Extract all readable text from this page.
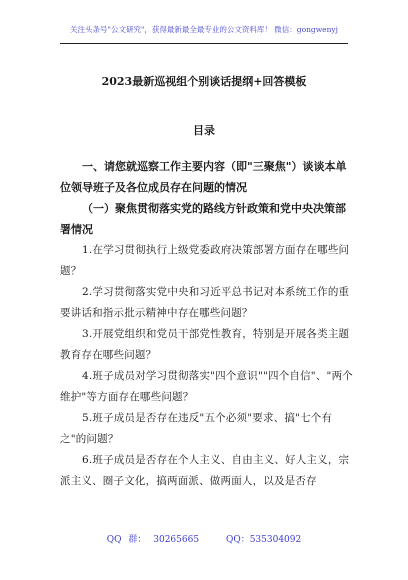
关注头条号"公文研究"，获得最新最全最专业的公文资料库！ 微信：gongwenyj
2023最新巡视组个别谈话提纲+回答模板
目录

一、请您就巡察工作主要内容（即"三聚焦"）谈谈本单位领导班子及各位成员存在问题的情况

（一）聚焦贯彻落实党的路线方针政策和党中央决策部署情况

1.在学习贯彻执行上级党委政府决策部署方面存在哪些问题？

2.学习贯彻落实党中央和习近平总书记对本系统工作的重要讲话和指示批示精神中存在哪些问题？

3.开展党组织和党员干部党性教育，特别是开展各类主题教育存在哪些问题？

4.班子成员对学习贯彻落实"四个意识""四个自信"、"两个维护"等方面存在哪些问题？

5.班子成员是否存在违反"五个必须"要求、搞"七个有之"的问题？

6.班子成员是否存在个人主义、自由主义、好人主义，宗派主义、圈子文化，搞两面派、做两面人，以及是否存

QQ 群： 30265665	QQ：535304092
